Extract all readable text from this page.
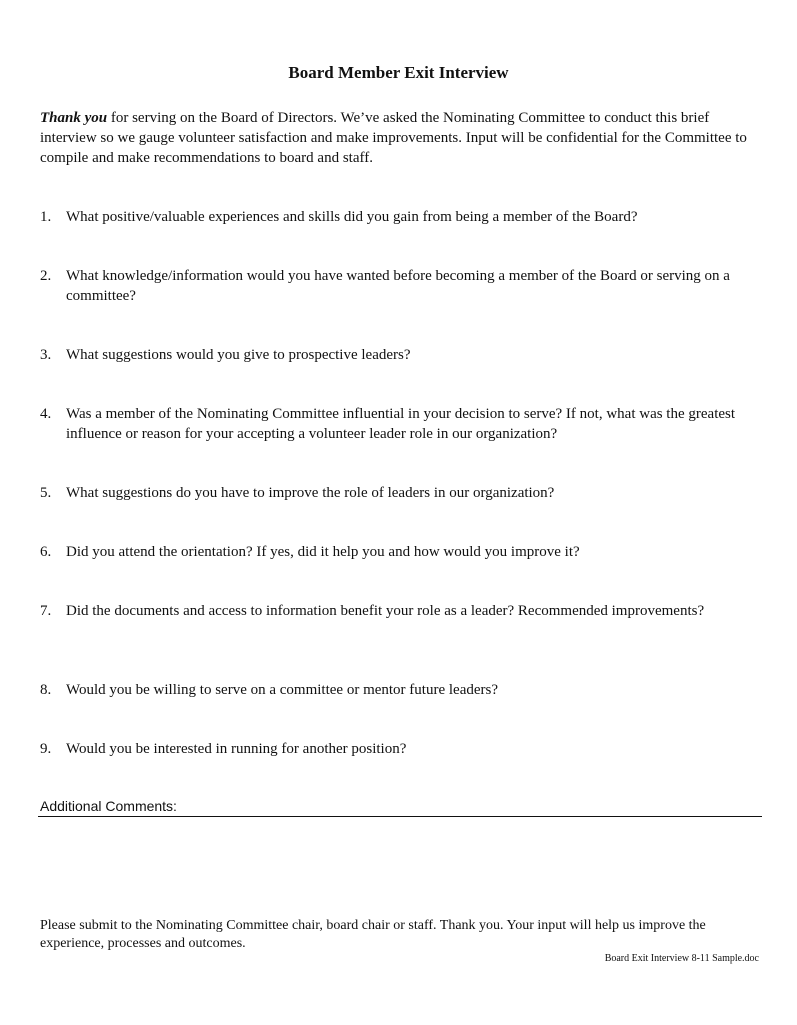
Board Member Exit Interview
Thank you for serving on the Board of Directors. We’ve asked the Nominating Committee to conduct this brief interview so we gauge volunteer satisfaction and make improvements. Input will be confidential for the Committee to compile and make recommendations to board and staff.
1. What positive/valuable experiences and skills did you gain from being a member of the Board?
2. What knowledge/information would you have wanted before becoming a member of the Board or serving on a committee?
3. What suggestions would you give to prospective leaders?
4. Was a member of the Nominating Committee influential in your decision to serve? If not, what was the greatest influence or reason for your accepting a volunteer leader role in our organization?
5. What suggestions do you have to improve the role of leaders in our organization?
6. Did you attend the orientation? If yes, did it help you and how would you improve it?
7. Did the documents and access to information benefit your role as a leader? Recommended improvements?
8. Would you be willing to serve on a committee or mentor future leaders?
9. Would you be interested in running for another position?
Additional Comments:
Please submit to the Nominating Committee chair, board chair or staff. Thank you. Your input will help us improve the experience, processes and outcomes.
Board Exit Interview 8-11 Sample.doc
